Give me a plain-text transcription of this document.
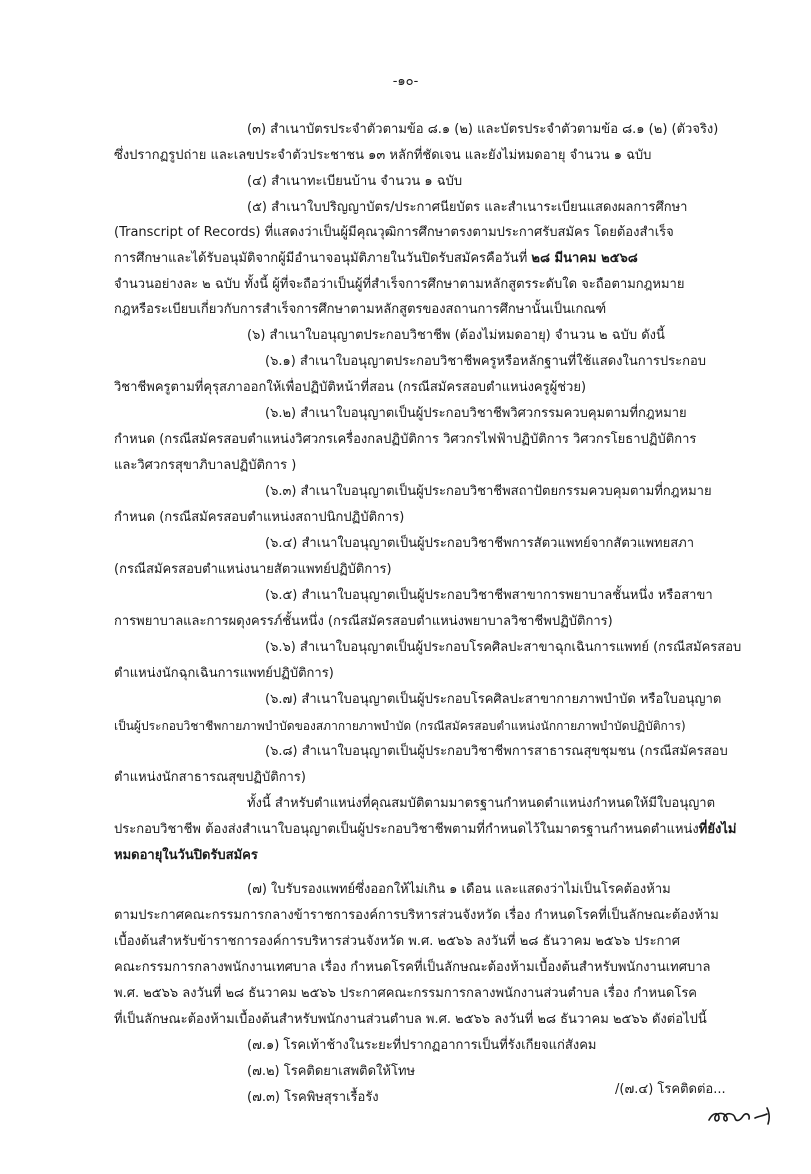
-๑๐-
(๓) สำเนาบัตรประจำตัวตามข้อ ๘.๑ (๒) และบัตรประจำตัวตามข้อ ๘.๑ (๒) (ตัวจริง)
ซึ่งปรากฏรูปถ่าย และเลขประจำตัวประชาชน ๑๓ หลักที่ชัดเจน และยังไม่หมดอายุ จำนวน ๑ ฉบับ
(๔) สำเนาทะเบียนบ้าน จำนวน ๑ ฉบับ
(๕) สำเนาใบปริญญาบัตร/ประกาศนียบัตร และสำเนาระเบียนแสดงผลการศึกษา
(Transcript of Records) ที่แสดงว่าเป็นผู้มีคุณวุฒิการศึกษาตรงตามประกาศรับสมัคร โดยต้องสำเร็จ
การศึกษาและได้รับอนุมัติจากผู้มีอำนาจอนุมัติภายในวันปิดรับสมัครคือวันที่ ๒๘ มีนาคม ๒๕๖๘
จำนวนอย่างละ ๒ ฉบับ ทั้งนี้ ผู้ที่จะถือว่าเป็นผู้ที่สำเร็จการศึกษาตามหลักสูตรระดับใด จะถือตามกฎหมาย
กฎหรือระเบียบเกี่ยวกับการสำเร็จการศึกษาตามหลักสูตรของสถานการศึกษานั้นเป็นเกณฑ์
(๖) สำเนาใบอนุญาตประกอบวิชาชีพ (ต้องไม่หมดอายุ) จำนวน ๒ ฉบับ ดังนี้
(๖.๑) สำเนาใบอนุญาตประกอบวิชาชีพครูหรือหลักฐานที่ใช้แสดงในการประกอบ
วิชาชีพครูตามที่คุรุสภาออกให้เพื่อปฏิบัติหน้าที่สอน (กรณีสมัครสอบตำแหน่งครูผู้ช่วย)
(๖.๒) สำเนาใบอนุญาตเป็นผู้ประกอบวิชาชีพวิศวกรรมควบคุมตามที่กฎหมาย
กำหนด (กรณีสมัครสอบตำแหน่งวิศวกรเครื่องกลปฏิบัติการ วิศวกรไฟฟ้าปฏิบัติการ วิศวกรโยธาปฏิบัติการ
และวิศวกรสุขาภิบาลปฏิบัติการ )
(๖.๓) สำเนาใบอนุญาตเป็นผู้ประกอบวิชาชีพสถาปัตยกรรมควบคุมตามที่กฎหมาย
กำหนด (กรณีสมัครสอบตำแหน่งสถาปนิกปฏิบัติการ)
(๖.๔) สำเนาใบอนุญาตเป็นผู้ประกอบวิชาชีพการสัตวแพทย์จากสัตวแพทยสภา
(กรณีสมัครสอบตำแหน่งนายสัตวแพทย์ปฏิบัติการ)
(๖.๕) สำเนาใบอนุญาตเป็นผู้ประกอบวิชาชีพสาขาการพยาบาลชั้นหนึ่ง หรือสาขา
การพยาบาลและการผดุงครรภ์ชั้นหนึ่ง (กรณีสมัครสอบตำแหน่งพยาบาลวิชาชีพปฏิบัติการ)
(๖.๖) สำเนาใบอนุญาตเป็นผู้ประกอบโรคศิลปะสาขาฉุกเฉินการแพทย์ (กรณีสมัครสอบ
ตำแหน่งนักฉุกเฉินการแพทย์ปฏิบัติการ)
(๖.๗) สำเนาใบอนุญาตเป็นผู้ประกอบโรคศิลปะสาขากายภาพบำบัด หรือใบอนุญาต
เป็นผู้ประกอบวิชาชีพกายภาพบำบัดของสภากายภาพบำบัด (กรณีสมัครสอบตำแหน่งนักกายภาพบำบัดปฏิบัติการ)
(๖.๘) สำเนาใบอนุญาตเป็นผู้ประกอบวิชาชีพการสาธารณสุขชุมชน (กรณีสมัครสอบ
ตำแหน่งนักสาธารณสุขปฏิบัติการ)
ทั้งนี้ สำหรับตำแหน่งที่คุณสมบัติตามมาตรฐานกำหนดตำแหน่งกำหนดให้มีใบอนุญาต
ประกอบวิชาชีพ ต้องส่งสำเนาใบอนุญาตเป็นผู้ประกอบวิชาชีพตามที่กำหนดไว้ในมาตรฐานกำหนดตำแหน่งที่ยังไม่
หมดอายุในวันปิดรับสมัคร
(๗) ใบรับรองแพทย์ซึ่งออกให้ไม่เกิน ๑ เดือน และแสดงว่าไม่เป็นโรคต้องห้าม
ตามประกาศคณะกรรมการกลางข้าราชการองค์การบริหารส่วนจังหวัด เรื่อง กำหนดโรคที่เป็นลักษณะต้องห้าม
เบื้องต้นสำหรับข้าราชการองค์การบริหารส่วนจังหวัด พ.ศ. ๒๕๖๖ ลงวันที่ ๒๘ ธันวาคม ๒๕๖๖ ประกาศ
คณะกรรมการกลางพนักงานเทศบาล เรื่อง กำหนดโรคที่เป็นลักษณะต้องห้ามเบื้องต้นสำหรับพนักงานเทศบาล
พ.ศ. ๒๕๖๖ ลงวันที่ ๒๘ ธันวาคม ๒๕๖๖ ประกาศคณะกรรมการกลางพนักงานส่วนตำบล เรื่อง กำหนดโรค
ที่เป็นลักษณะต้องห้ามเบื้องต้นสำหรับพนักงานส่วนตำบล พ.ศ. ๒๕๖๖ ลงวันที่ ๒๘ ธันวาคม ๒๕๖๖ ดังต่อไปนี้
(๗.๑) โรคเท้าช้างในระยะที่ปรากฏอาการเป็นที่รังเกียจแก่สังคม
(๗.๒) โรคติดยาเสพติดให้โทษ
(๗.๓) โรคพิษสุราเรื้อรัง
/(๗.๔) โรคติดต่อ...
